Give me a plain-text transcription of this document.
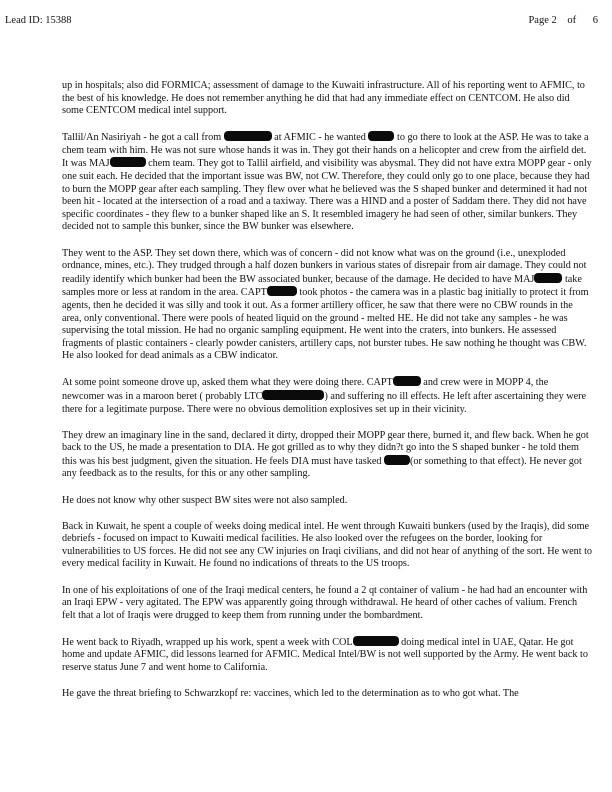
Lead ID: 15388	Page 2 of 6

up in hospitals; also did FORMICA; assessment of damage to the Kuwaiti infrastructure. All of his reporting went to AFMIC, to the best of his knowledge. He does not remember anything he did that had any immediate effect on CENTCOM. He also did some CENTCOM medical intel support.

Tallil/An Nasiriyah - he got a call from	at AFMIC - he wanted	to go there to look at the ASP. He was to take a chem team with him. He was not sure whose hands it was in. They got their hands on a helicopter and crew from the airfield det. It was MAJ	chem team. They got to Tallil airfield, and visibility was abysmal. They did not have extra MOPP gear - only one suit each. He decided that the important issue was BW, not CW. Therefore, they could only go to one place, because they had to burn the MOPP gear after each sampling. They flew over what he believed was the S shaped bunker and determined it had not been hit - located at the intersection of a road and a taxiway. There was a HIND and a poster of Saddam there. They did not have specific coordinates - they flew to a bunker shaped like an S. It resembled imagery he had seen of other, similar bunkers. They decided not to sample this bunker, since the BW bunker was elsewhere.

They went to the ASP. They set down there, which was of concern - did not know what was on the ground (i.e., unexploded ordnance, mines, etc.). They trudged through a half dozen bunkers in various states of disrepair from air damage. They could not readily identify which bunker had been the BW associated bunker, because of the damage. He decided to have MAJ	take samples more or less at random in the area. CAPT	took photos - the camera was in a plastic bag initially to protect it from agents, then he decided it was silly and took it out. As a former artillery officer, he saw that there were no CBW rounds in the area, only conventional. There were pools of heated liquid on the ground - melted HE. He did not take any samples - he was supervising the total mission. He had no organic sampling equipment. He went into the craters, into bunkers. He assessed fragments of plastic containers - clearly powder canisters, artillery caps, not burster tubes. He saw nothing he thought was CBW. He also looked for dead animals as a CBW indicator.

At some point someone drove up, asked them what they were doing there. CAPT	and crew were in MOPP 4, the newcomer was in a maroon beret ( probably LTC	) and suffering no ill effects. He left after ascertaining they were there for a legitimate purpose. There were no obvious demolition explosives set up in their vicinity.

They drew an imaginary line in the sand, declared it dirty, dropped their MOPP gear there, burned it, and flew back. When he got back to the US, he made a presentation to DIA. He got grilled as to why they didn?t go into the S shaped bunker - he told them this was his best judgment, given the situation. He feels DIA must have tasked	(or something to that effect). He never got any feedback as to the results, for this or any other sampling.

He does not know why other suspect BW sites were not also sampled.

Back in Kuwait, he spent a couple of weeks doing medical intel. He went through Kuwaiti bunkers (used by the Iraqis), did some debriefs - focused on impact to Kuwaiti medical facilities. He also looked over the refugees on the border, looking for vulnerabilities to US forces. He did not see any CW injuries on Iraqi civilians, and did not hear of anything of the sort. He went to every medical facility in Kuwait. He found no indications of threats to the US troops.

In one of his exploitations of one of the Iraqi medical centers, he found a 2 qt container of valium - he had had an encounter with an Iraqi EPW - very agitated. The EPW was apparently going through withdrawal. He heard of other caches of valium. French felt that a lot of Iraqis were drugged to keep them from running under the bombardment.

He went back to Riyadh, wrapped up his work, spent a week with COL	doing medical intel in UAE, Qatar. He got home and update AFMIC, did lessons learned for AFMIC. Medical Intel/BW is not well supported by the Army. He went back to reserve status June 7 and went home to California.

He gave the threat briefing to Schwarzkopf re: vaccines, which led to the determination as to who got what. The
